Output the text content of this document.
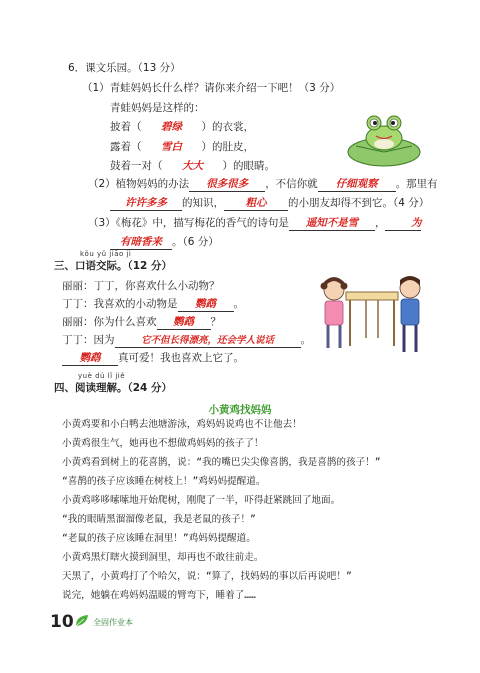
6．课文乐园。（13 分）
（1）青蛙妈妈长什么样？请你来介绍一下吧！（3 分）
青蛙妈妈是这样的：
披着（ 碧绿 ）的衣裳，
露着（ 雪白 ）的肚皮，
鼓着一对（ 大大 ）的眼睛。
（2）植物妈妈的办法 很多很多 ，不信你就 仔细观察 。那里有
许许多多 的知识， 粗心 的小朋友却得不到它。（4 分）
（3）《梅花》中，描写梅花的香气的诗句是 遥知不是雪 ， 为
有暗香来 。（6 分）
kǒu yǔ jiāo jì
三、口语交际。（12 分）
丽丽：丁丁，你喜欢什么小动物？
丁丁：我喜欢的小动物是 鹦鹉 。
丽丽：你为什么喜欢 鹦鹉 ？
丁丁：因为	它不但长得漂亮，还会学人说话	。
鹦鹉 真可爱！我也喜欢上它了。
yuè dú lǐ jiě
四、阅读理解。（24 分）
小黄鸡找妈妈
小黄鸡要和小白鸭去池塘游泳，鸡妈妈说鸡也不让他去！
小黄鸡很生气，她再也不想做鸡妈妈的孩子了！
小黄鸡看到树上的花喜鹊，说：“我的嘴巴尖尖像喜鹊，我是喜鹊的孩子！”
“喜鹊的孩子应该睡在树枝上！”鸡妈妈提醒道。
小黄鸡哆哆嗦嗦地开始爬树，刚爬了一半，吓得赶紧跳回了地面。
“我的眼睛黑溜溜像老鼠，我是老鼠的孩子！”
“老鼠的孩子应该睡在洞里！”鸡妈妈提醒道。
小黄鸡黑灯瞎火摸到洞里，却再也不敢往前走。
天黑了，小黄鸡打了个哈欠，说：“算了，找妈妈的事以后再说吧！”
说完，她躺在鸡妈妈温暖的臂弯下，睡着了……
10 全固作业本
